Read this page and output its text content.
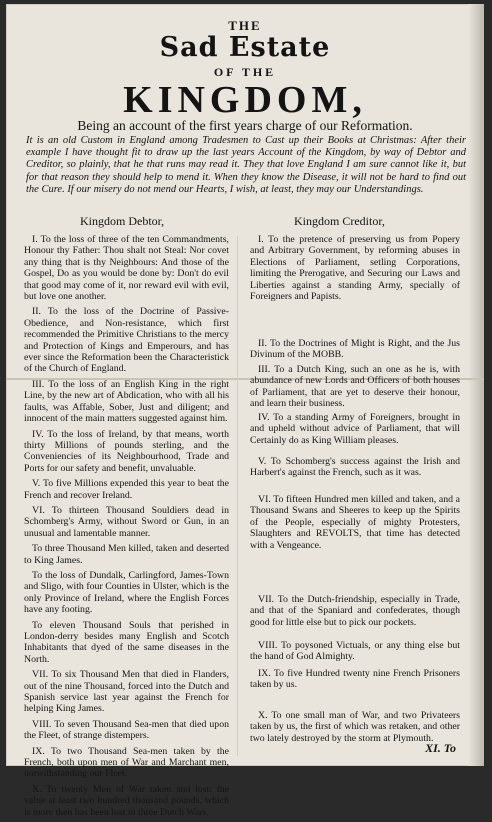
THE
Sad Estate
OF THE
KINGDOM,
Being an account of the first years charge of our Reformation.
It is an old Custom in England among Tradesmen to Cast up their Books at Christmas: After their example I have thought fit to draw up the last years Account of the Kingdom, by way of Debtor and Creditor, so plainly, that he that runs may read it. They that love England I am sure cannot like it, but for that reason they should help to mend it. When they know the Disease, it will not be hard to find out the Cure. If our misery do not mend our Hearts, I wish, at least, they may our Understandings.
Kingdom Debtor,	Kingdom Creditor,
I. To the loss of three of the ten Commandments, Honour thy Father: Thou shalt not Steal: Nor covet any thing that is thy Neighbours: And those of the Gospel, Do as you would be done by: Don't do evil that good may come of it, nor reward evil with evil, but love one another.
II. To the loss of the Doctrine of Passive-Obedience, and Non-resistance, which first recommended the Primitive Christians to the mercy and Protection of Kings and Emperours, and has ever since the Reformation been the Characteristick of the Church of England.
III. To the loss of an English King in the right Line, by the new art of Abdication, who with all his faults, was Affable, Sober, Just and diligent; and innocent of the main matters suggested against him.
IV. To the loss of Ireland, by that means, worth thirty Millions of pounds sterling, and the Conveniencies of its Neighbourhood, Trade and Ports for our safety and benefit, unvaluable.
V. To five Millions expended this year to beat the French and recover Ireland.
VI. To thirteen Thousand Souldiers dead in Schomberg's Army, without Sword or Gun, in an unusual and lamentable manner.
To three Thousand Men killed, taken and deserted to King James.
To the loss of Dundalk, Carlingford, James-Town and Sligo, with four Counties in Ulster, which is the only Province of Ireland, where the English Forces have any footing.
To eleven Thousand Souls that perished in London-derry besides many English and Scotch Inhabitants that dyed of the same diseases in the North.
VII. To six Thousand Men that died in Flanders, out of the nine Thousand, forced into the Dutch and Spanish service last year against the French for helping King James.
VIII. To seven Thousand Sea-men that died upon the Fleet, of strange distempers.
IX. To two Thousand Sea-men taken by the French, both upon men of War and Marchant men, notwithstanding our Fleet.
X. To twenty Men of War taken and lost: the value at least two hundred thousand pounds, which is more then has been lost in three Dutch Wars.
I. To the pretence of preserving us from Popery and Arbitrary Government, by reforming abuses in Elections of Parliament, setling Corporations, limiting the Prerogative, and Securing our Laws and Liberties against a standing Army, specially of Foreigners and Papists.
II. To the Doctrines of Might is Right, and the Jus Divinum of the MOBB.
III. To a Dutch King, such an one as he is, with abundance of new Lords and Officers of both houses of Parliament, that are yet to deserve their honour, and learn their business.
IV. To a standing Army of Foreigners, brought in and upheld without advice of Parliament, that will Certainly do as King William pleases.
V. To Schomberg's success against the Irish and Harbert's against the French, such as it was.
VI. To fifteen Hundred men killed and taken, and a Thousand Swans and Sheeres to keep up the Spirits of the People, especially of mighty Protesters, Slaughters and REVOLTS, that time has detected with a Vengeance.
VII. To the Dutch-friendship, especially in Trade, and that of the Spaniard and confederates, though good for little else but to pick our pockets.
VIII. To poysoned Victuals, or any thing else but the hand of God Almighty.
IX. To five Hundred twenty nine French Prisoners taken by us.
X. To one small man of War, and two Privateers taken by us, the first of which was retaken, and other two lately destroyed by the storm at Plymouth.
XI. To
